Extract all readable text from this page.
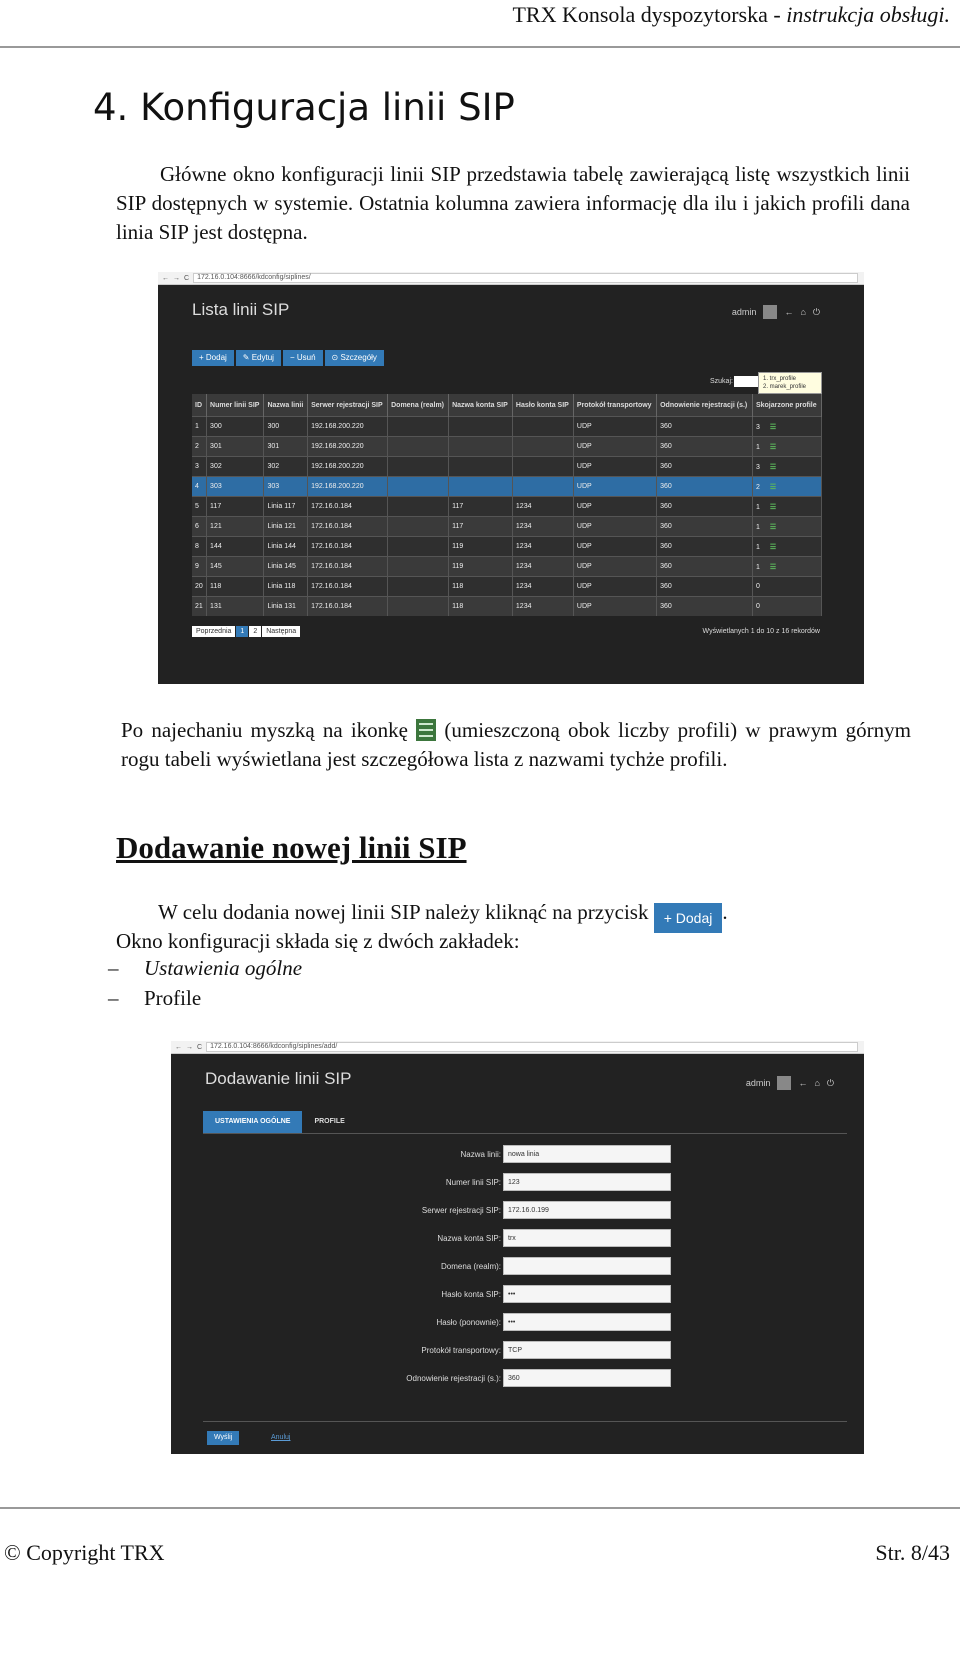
TRX Konsola dyspozytorska - instrukcja obsługi.
4. Konfiguracja linii SIP
Główne okno konfiguracji linii SIP przedstawia tabelę zawierającą listę wszystkich linii SIP dostępnych w systemie. Ostatnia kolumna zawiera informację dla ilu i jakich profili dana linia SIP jest dostępna.
← → C	172.16.0.104:8666/kdconfig/siplines/
Lista linii SIP	admin	← ⌂ ⏻
+ Dodaj ✎ Edytuj − Usuń ⊙ Szczegóły
Szukaj:	1. trx_profile
2. marek_profile
ID	Numer linii SIP	Nazwa linii	Serwer rejestracji SIP	Domena (realm)	Nazwa konta SIP	Hasło konta SIP	Protokół transportowy	Odnowienie rejestracji (s.)	Skojarzone profile
1	300	300	192.168.200.220				UDP	360	3 ☰
2	301	301	192.168.200.220				UDP	360	1 ☰
3	302	302	192.168.200.220				UDP	360	3 ☰
4	303	303	192.168.200.220				UDP	360	2 ☰
5	117	Linia 117	172.16.0.184		117	1234	UDP	360	1 ☰
6	121	Linia 121	172.16.0.184		117	1234	UDP	360	1 ☰
8	144	Linia 144	172.16.0.184		119	1234	UDP	360	1 ☰
9	145	Linia 145	172.16.0.184		119	1234	UDP	360	1 ☰
20	118	Linia 118	172.16.0.184		118	1234	UDP	360	0
21	131	Linia 131	172.16.0.184		118	1234	UDP	360	0
Poprzednia	1	2	Następna	Wyświetlanych 1 do 10 z 16 rekordów
Po najechaniu myszką na ikonkę (umieszczoną obok liczby profili) w prawym górnym rogu tabeli wyświetlana jest szczegółowa lista z nazwami tychże profili.
Dodawanie nowej linii SIP
W celu dodania nowej linii SIP należy kliknąć na przycisk + Dodaj .
Okno konfiguracji składa się z dwóch zakładek:
– Ustawienia ogólne
– Profile
← → C	172.16.0.104:8666/kdconfig/siplines/add/
Dodawanie linii SIP	admin	← ⌂ ⏻
USTAWIENIA OGÓLNE	PROFILE
Nazwa linii:	nowa linia
Numer linii SIP:	123
Serwer rejestracji SIP:	172.16.0.199
Nazwa konta SIP:	trx
Domena (realm):
Hasło konta SIP:	•••
Hasło (ponownie):	•••
Protokół transportowy:	TCP
Odnowienie rejestracji (s.):	360
Wyślij	Anuluj
© Copyright TRX	Str. 8/43
